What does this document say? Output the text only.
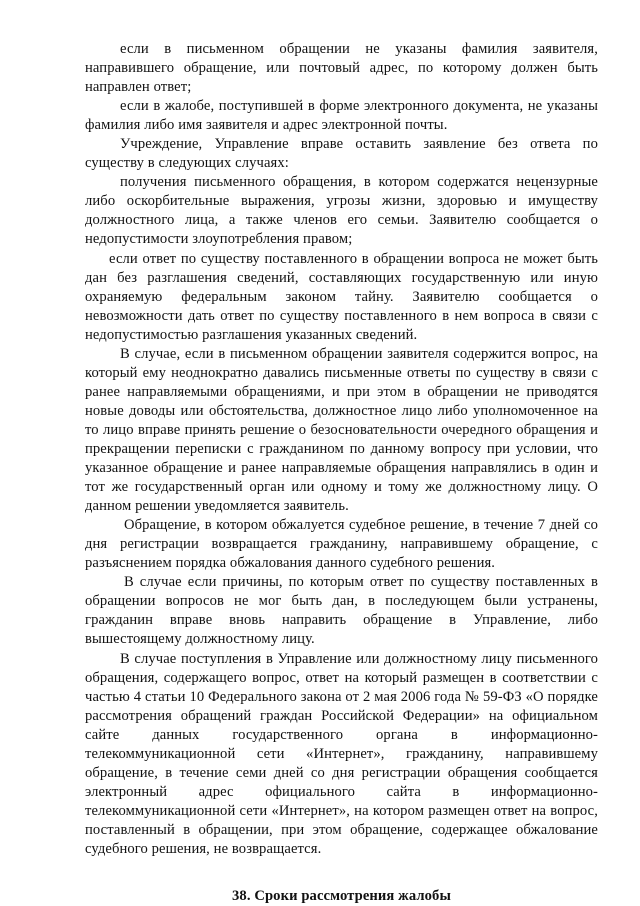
если в письменном обращении не указаны фамилия заявителя, направившего обращение, или почтовый адрес, по которому должен быть направлен ответ;

если в жалобе, поступившей в форме электронного документа, не указаны фамилия либо имя заявителя и адрес электронной почты.

Учреждение, Управление вправе оставить заявление без ответа по существу в следующих случаях:

получения письменного обращения, в котором содержатся нецензурные либо оскорбительные выражения, угрозы жизни, здоровью и имуществу должностного лица, а также членов его семьи. Заявителю сообщается о недопустимости злоупотребления правом;

если ответ по существу поставленного в обращении вопроса не может быть дан без разглашения сведений, составляющих государственную или иную охраняемую федеральным законом тайну. Заявителю сообщается о невозможности дать ответ по существу поставленного в нем вопроса в связи с недопустимостью разглашения указанных сведений.

В случае, если в письменном обращении заявителя содержится вопрос, на который ему неоднократно давались письменные ответы по существу в связи с ранее направляемыми обращениями, и при этом в обращении не приводятся новые доводы или обстоятельства, должностное лицо либо уполномоченное на то лицо вправе принять решение о безосновательности очередного обращения и прекращении переписки с гражданином по данному вопросу при условии, что указанное обращение и ранее направляемые обращения направлялись в один и тот же государственный орган или одному и тому же должностному лицу. О данном решении уведомляется заявитель.

Обращение, в котором обжалуется судебное решение, в течение 7 дней со дня регистрации возвращается гражданину, направившему обращение, с разъяснением порядка обжалования данного судебного решения.

В случае если причины, по которым ответ по существу поставленных в обращении вопросов не мог быть дан, в последующем были устранены, гражданин вправе вновь направить обращение в Управление, либо вышестоящему должностному лицу.

В случае поступления в Управление или должностному лицу письменного обращения, содержащего вопрос, ответ на который размещен в соответствии с частью 4 статьи 10 Федерального закона от 2 мая 2006 года № 59-ФЗ «О порядке рассмотрения обращений граждан Российской Федерации» на официальном сайте данных государственного органа в информационно-телекоммуникационной сети «Интернет», гражданину, направившему обращение, в течение семи дней со дня регистрации обращения сообщается электронный адрес официального сайта в информационно-телекоммуникационной сети «Интернет», на котором размещен ответ на вопрос, поставленный в обращении, при этом обращение, содержащее обжалование судебного решения, не возвращается.

38. Сроки рассмотрения жалобы
